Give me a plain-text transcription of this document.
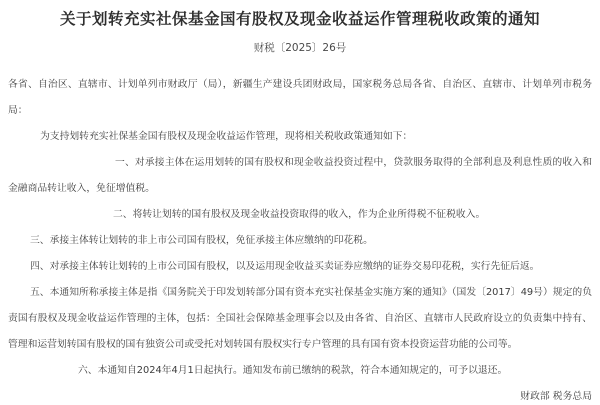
关于划转充实社保基金国有股权及现金收益运作管理税收政策的通知
财税〔2025〕26号

各省、自治区、直辖市、计划单列市财政厅（局），新疆生产建设兵团财政局，国家税务总局各省、自治区、直辖市、计划单列市税务局：

为支持划转充实社保基金国有股权及现金收益运作管理，现将相关税收政策通知如下：

一、对承接主体在运用划转的国有股权和现金收益投资过程中，贷款服务取得的全部利息及利息性质的收入和金融商品转让收入，免征增值税。

二、将转让划转的国有股权及现金收益投资取得的收入，作为企业所得税不征税收入。

三、承接主体转让划转的非上市公司国有股权，免征承接主体应缴纳的印花税。

四、对承接主体转让划转的上市公司国有股权，以及运用现金收益买卖证券应缴纳的证券交易印花税，实行先征后返。

五、本通知所称承接主体是指《国务院关于印发划转部分国有资本充实社保基金实施方案的通知》（国发〔2017〕49号）规定的负责国有股权及现金收益运作管理的主体，包括：全国社会保障基金理事会以及由各省、自治区、直辖市人民政府设立的负责集中持有、管理和运营划转国有股权的国有独资公司或受托对划转国有股权实行专户管理的具有国有资本投资运营功能的公司等。

六、本通知自2024年4月1日起执行。通知发布前已缴纳的税款，符合本通知规定的，可予以退还。

财政部 税务总局
